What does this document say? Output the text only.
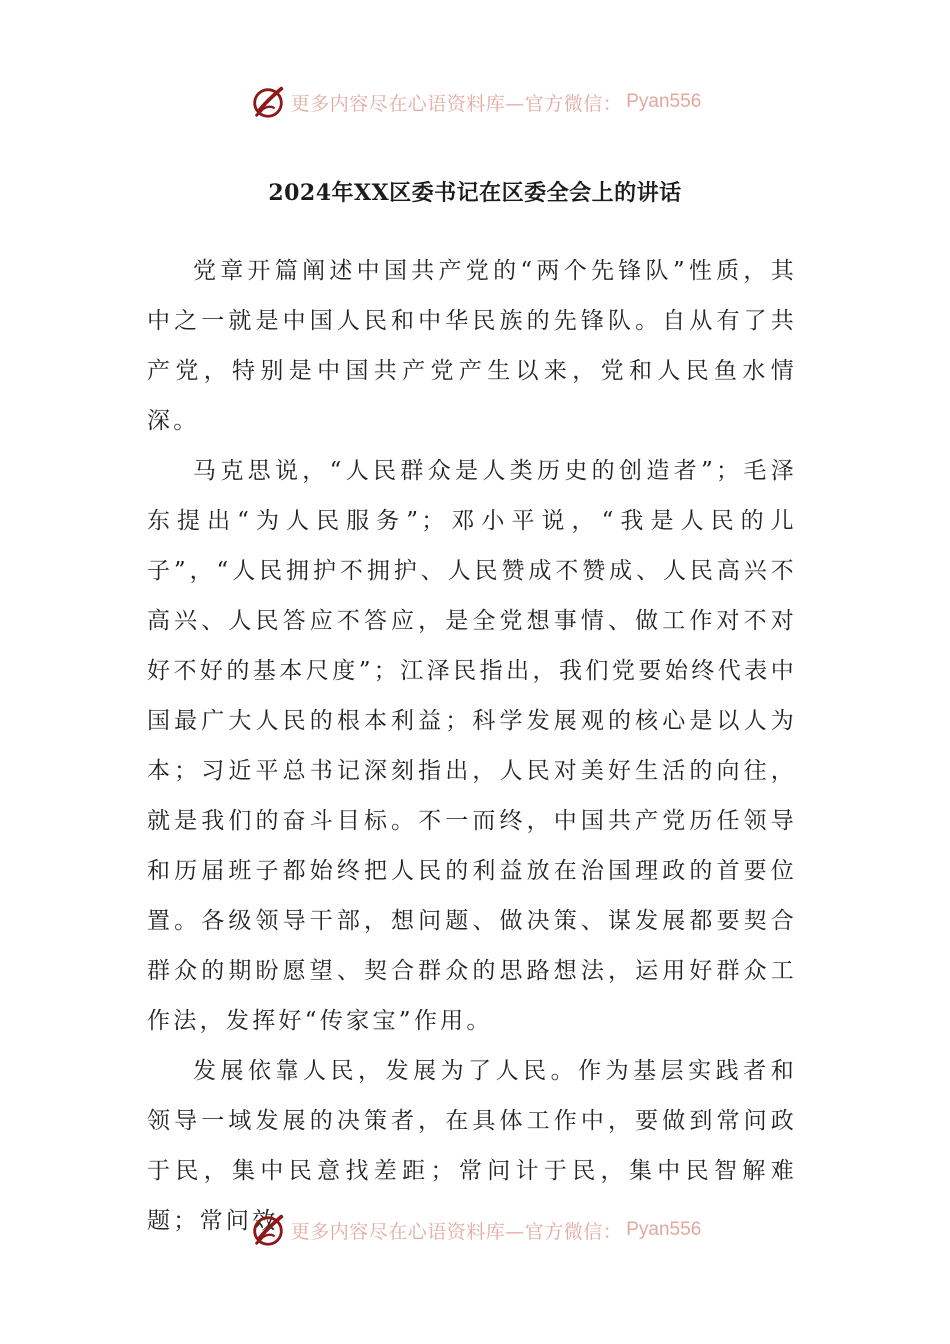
更多内容尽在心语资料库—官方微信： Pyan556
2024年XX区委书记在区委全会上的讲话

党章开篇阐述中国共产党的“两个先锋队”性质，其中之一就是中国人民和中华民族的先锋队。自从有了共产党，特别是中国共产党产生以来，党和人民鱼水情深。

马克思说，“人民群众是人类历史的创造者”；毛泽东提出“为人民服务”；邓小平说，“我是人民的儿子”，“人民拥护不拥护、人民赞成不赞成、人民高兴不高兴、人民答应不答应，是全党想事情、做工作对不对好不好的基本尺度”；江泽民指出，我们党要始终代表中国最广大人民的根本利益；科学发展观的核心是以人为本；习近平总书记深刻指出，人民对美好生活的向往，就是我们的奋斗目标。不一而终，中国共产党历任领导和历届班子都始终把人民的利益放在治国理政的首要位置。各级领导干部，想问题、做决策、谋发展都要契合群众的期盼愿望、契合群众的思路想法，运用好群众工作法，发挥好“传家宝”作用。

发展依靠人民，发展为了人民。作为基层实践者和领导一域发展的决策者，在具体工作中，要做到常问政于民，集中民意找差距；常问计于民，集中民智解难题；常问效 更多内容尽在心语资料库—官方微信： Pyan556
